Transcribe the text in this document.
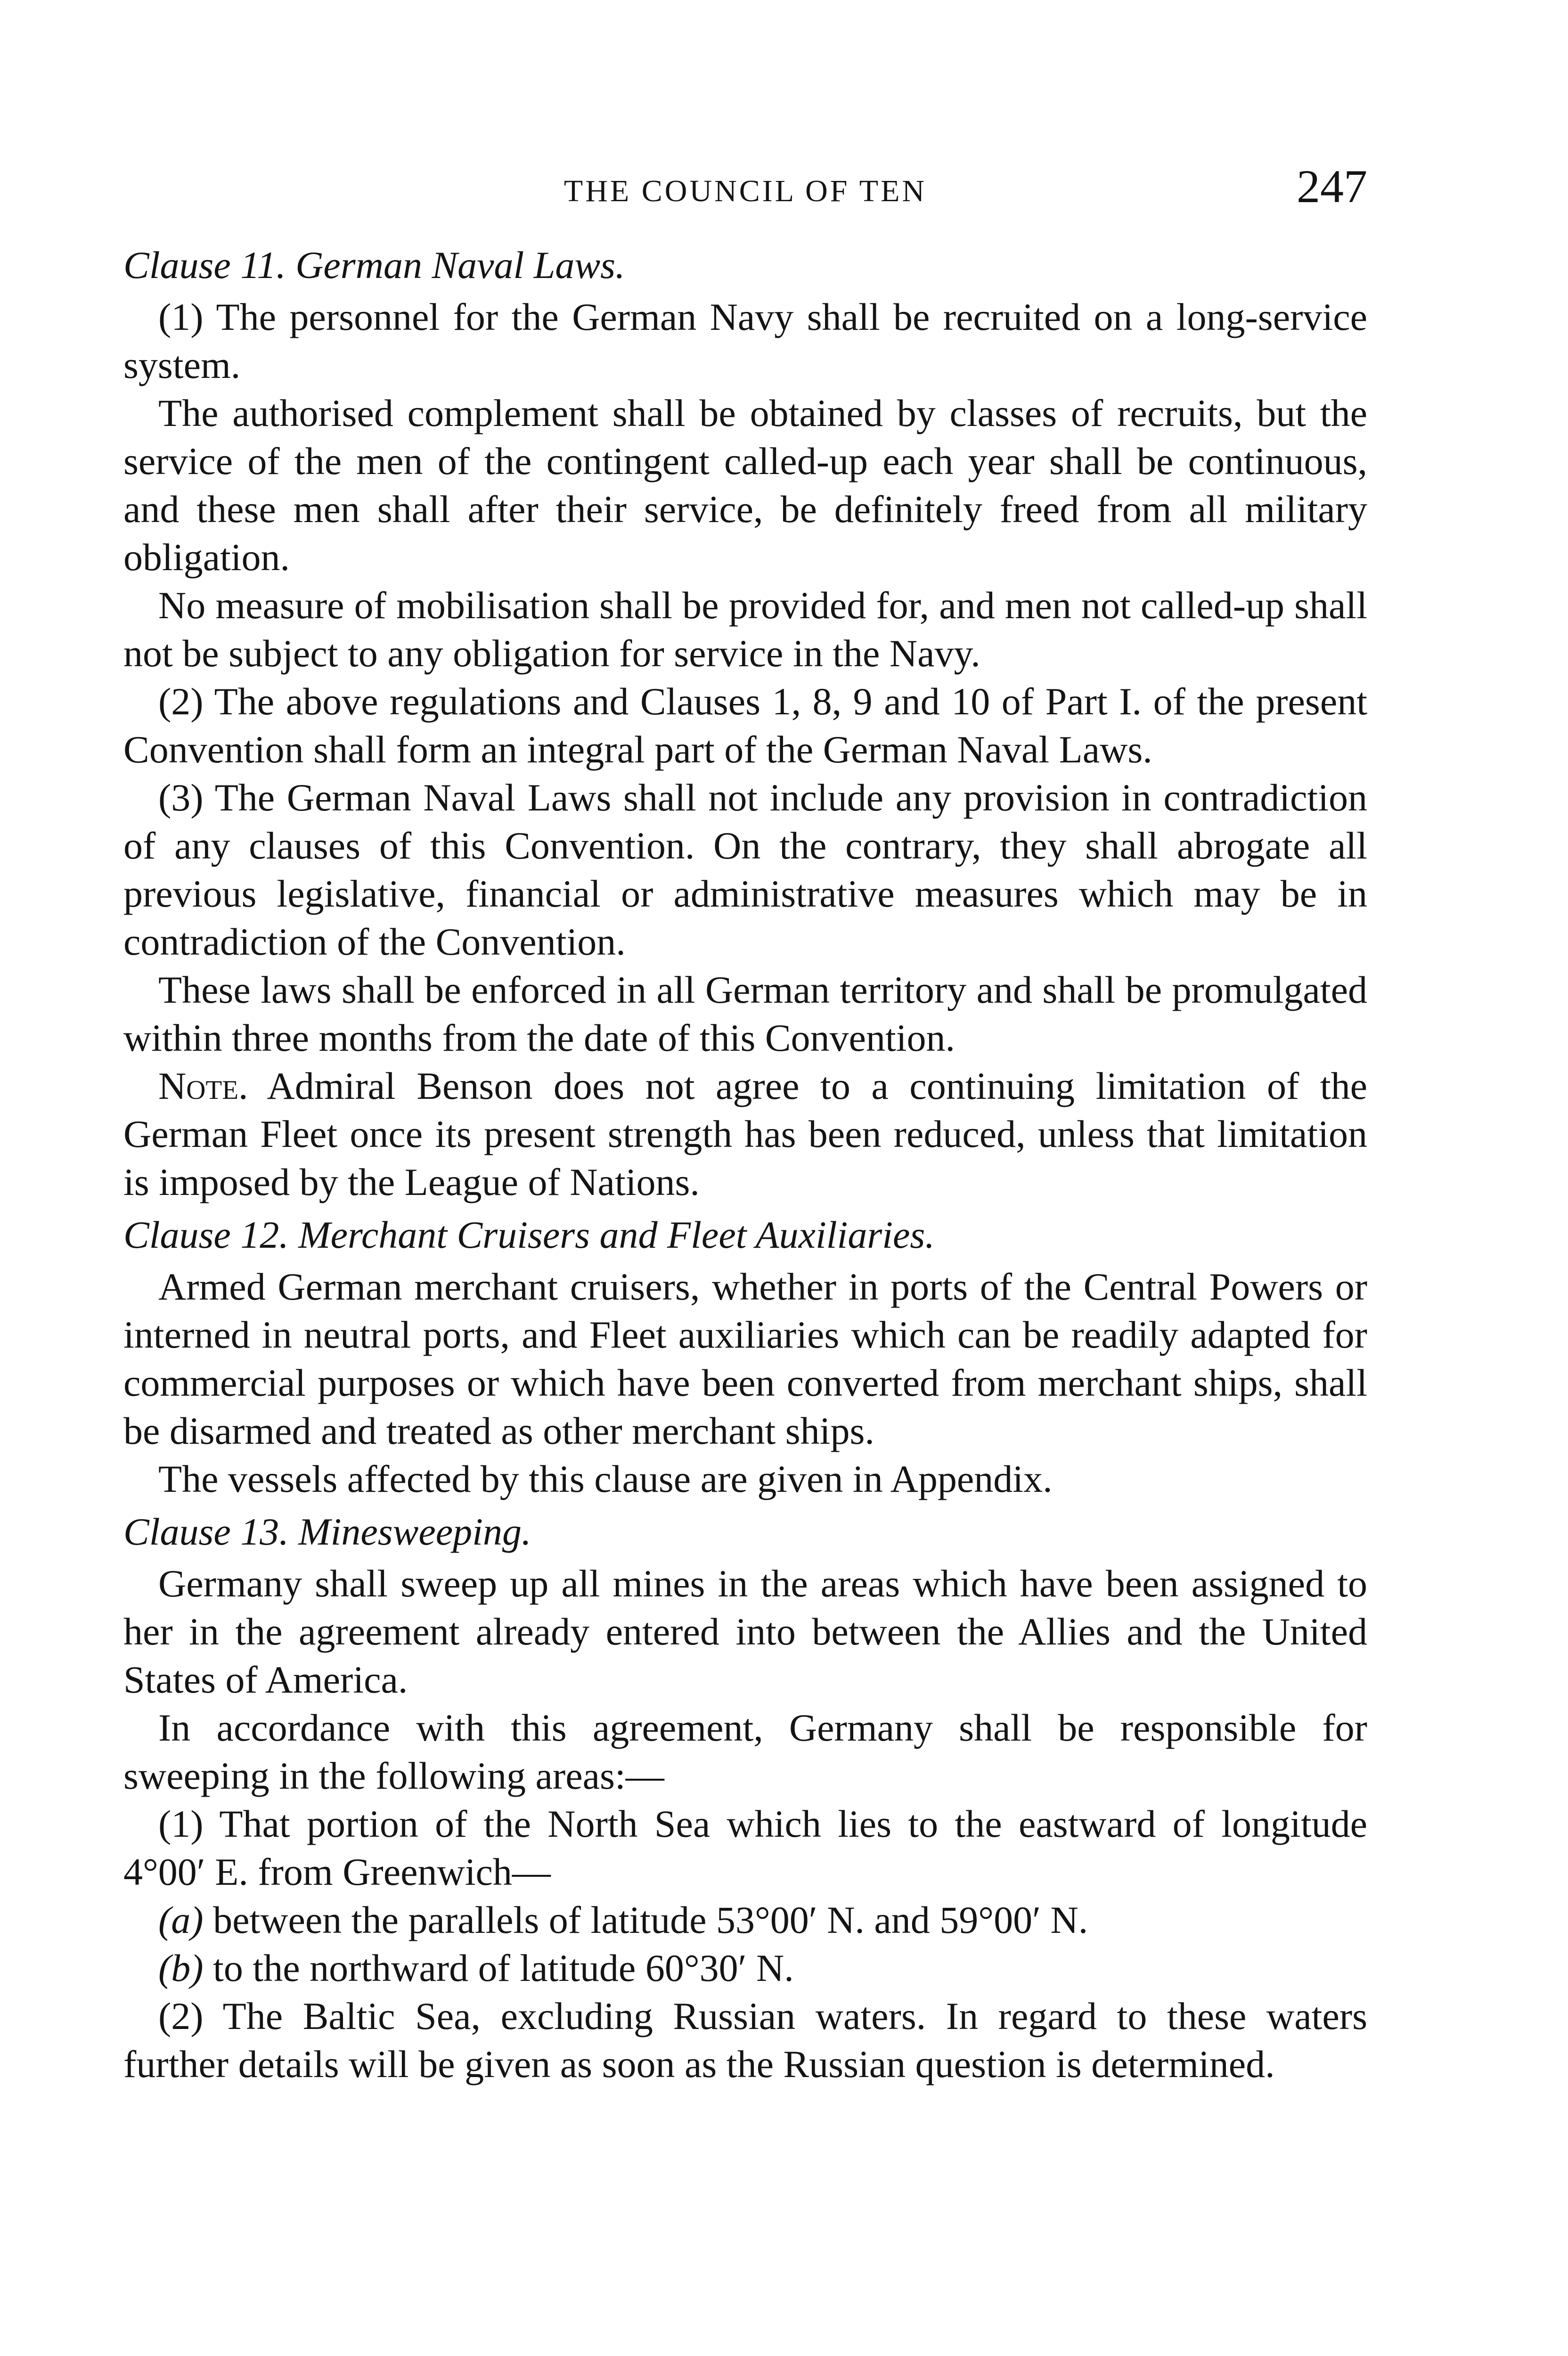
THE COUNCIL OF TEN	247

Clause 11. German Naval Laws.

(1) The personnel for the German Navy shall be recruited on a long-service system.

The authorised complement shall be obtained by classes of recruits, but the service of the men of the contingent called-up each year shall be continuous, and these men shall after their service, be definitely freed from all military obligation.

No measure of mobilisation shall be provided for, and men not called-up shall not be subject to any obligation for service in the Navy.

(2) The above regulations and Clauses 1, 8, 9 and 10 of Part I. of the present Convention shall form an integral part of the German Naval Laws.

(3) The German Naval Laws shall not include any provision in contradiction of any clauses of this Convention. On the contrary, they shall abrogate all previous legislative, financial or administrative measures which may be in contradiction of the Convention.

These laws shall be enforced in all German territory and shall be promulgated within three months from the date of this Convention.

Note. Admiral Benson does not agree to a continuing limitation of the German Fleet once its present strength has been reduced, unless that limitation is imposed by the League of Nations.

Clause 12. Merchant Cruisers and Fleet Auxiliaries.

Armed German merchant cruisers, whether in ports of the Central Powers or interned in neutral ports, and Fleet auxiliaries which can be readily adapted for commercial purposes or which have been converted from merchant ships, shall be disarmed and treated as other merchant ships.

The vessels affected by this clause are given in Appendix.

Clause 13. Minesweeping.

Germany shall sweep up all mines in the areas which have been assigned to her in the agreement already entered into between the Allies and the United States of America.

In accordance with this agreement, Germany shall be responsible for sweeping in the following areas:—

(1) That portion of the North Sea which lies to the eastward of longitude 4°00′ E. from Greenwich—

(a) between the parallels of latitude 53°00′ N. and 59°00′ N.

(b) to the northward of latitude 60°30′ N.

(2) The Baltic Sea, excluding Russian waters. In regard to these waters further details will be given as soon as the Russian question is determined.
